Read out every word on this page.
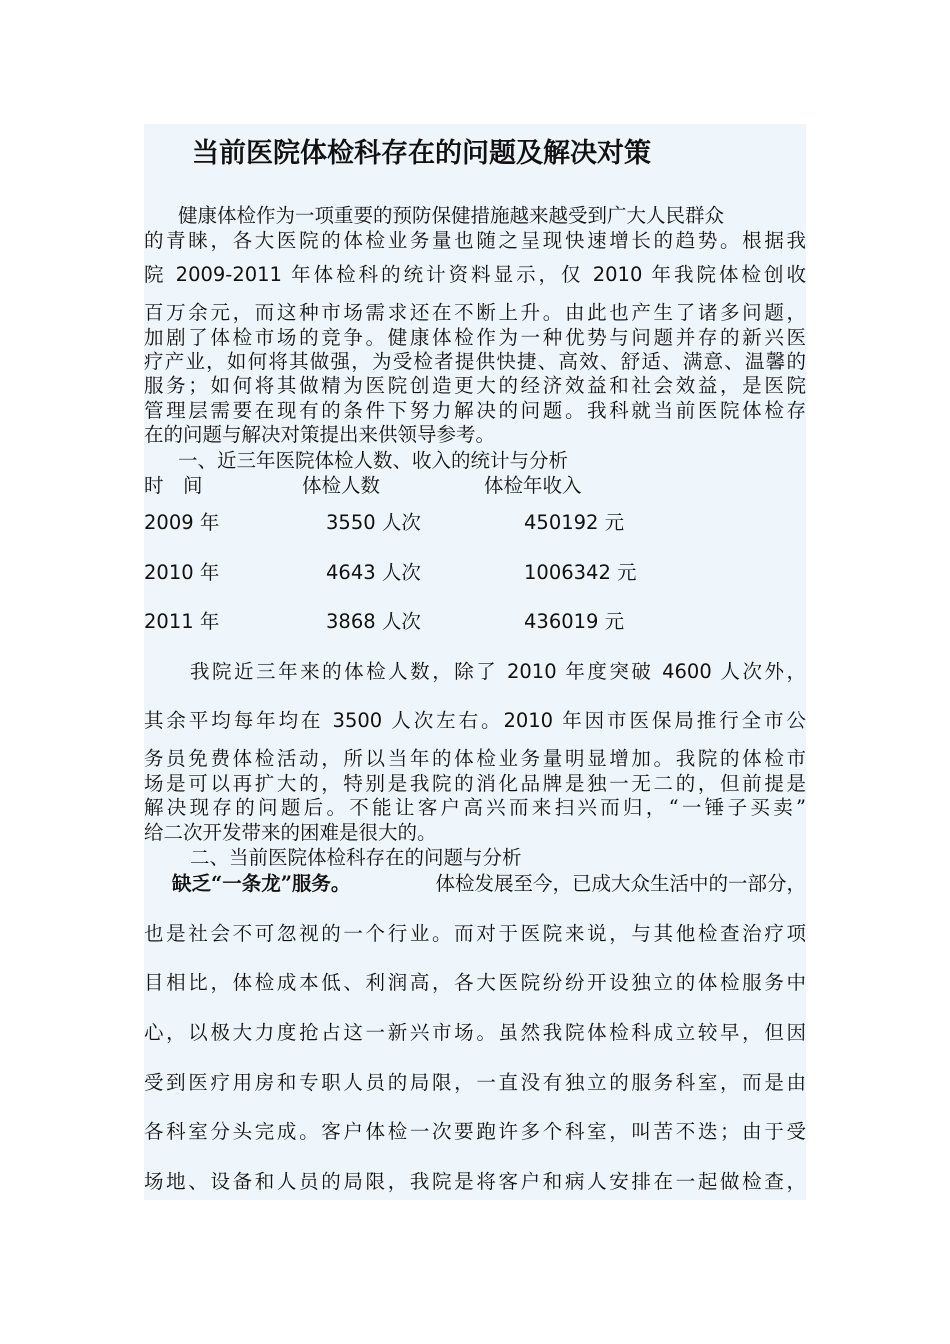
当前医院体检科存在的问题及解决对策
健康体检作为一项重要的预防保健措施越来越受到广大人民群众
的青睐，各大医院的体检业务量也随之呈现快速增长的趋势。根据我
院 2009-2011 年体检科的统计资料显示，仅 2010 年我院体检创收
百万余元，而这种市场需求还在不断上升。由此也产生了诸多问题，
加剧了体检市场的竞争。健康体检作为一种优势与问题并存的新兴医
疗产业，如何将其做强，为受检者提供快捷、高效、舒适、满意、温馨的
服务；如何将其做精为医院创造更大的经济效益和社会效益，是医院
管理层需要在现有的条件下努力解决的问题。我科就当前医院体检存
在的问题与解决对策提出来供领导参考。
一、近三年医院体检人数、收入的统计与分析
时　间	体检人数	体检年收入
2009 年	3550 人次	450192 元
2010 年	4643 人次	1006342 元
2011 年	3868 人次	436019 元
我院近三年来的体检人数，除了 2010 年度突破 4600 人次外，
其余平均每年均在 3500 人次左右。2010 年因市医保局推行全市公
务员免费体检活动，所以当年的体检业务量明显增加。我院的体检市
场是可以再扩大的，特别是我院的消化品牌是独一无二的，但前提是
解决现存的问题后。不能让客户高兴而来扫兴而归，“一锤子买卖”
给二次开发带来的困难是很大的。
二、当前医院体检科存在的问题与分析
缺乏“一条龙”服务。	体检发展至今，已成大众生活中的一部分，
也是社会不可忽视的一个行业。而对于医院来说，与其他检查治疗项
目相比，体检成本低、利润高，各大医院纷纷开设独立的体检服务中
心，以极大力度抢占这一新兴市场。虽然我院体检科成立较早，但因
受到医疗用房和专职人员的局限，一直没有独立的服务科室，而是由
各科室分头完成。客户体检一次要跑许多个科室，叫苦不迭；由于受
场地、设备和人员的局限，我院是将客户和病人安排在一起做检查，
